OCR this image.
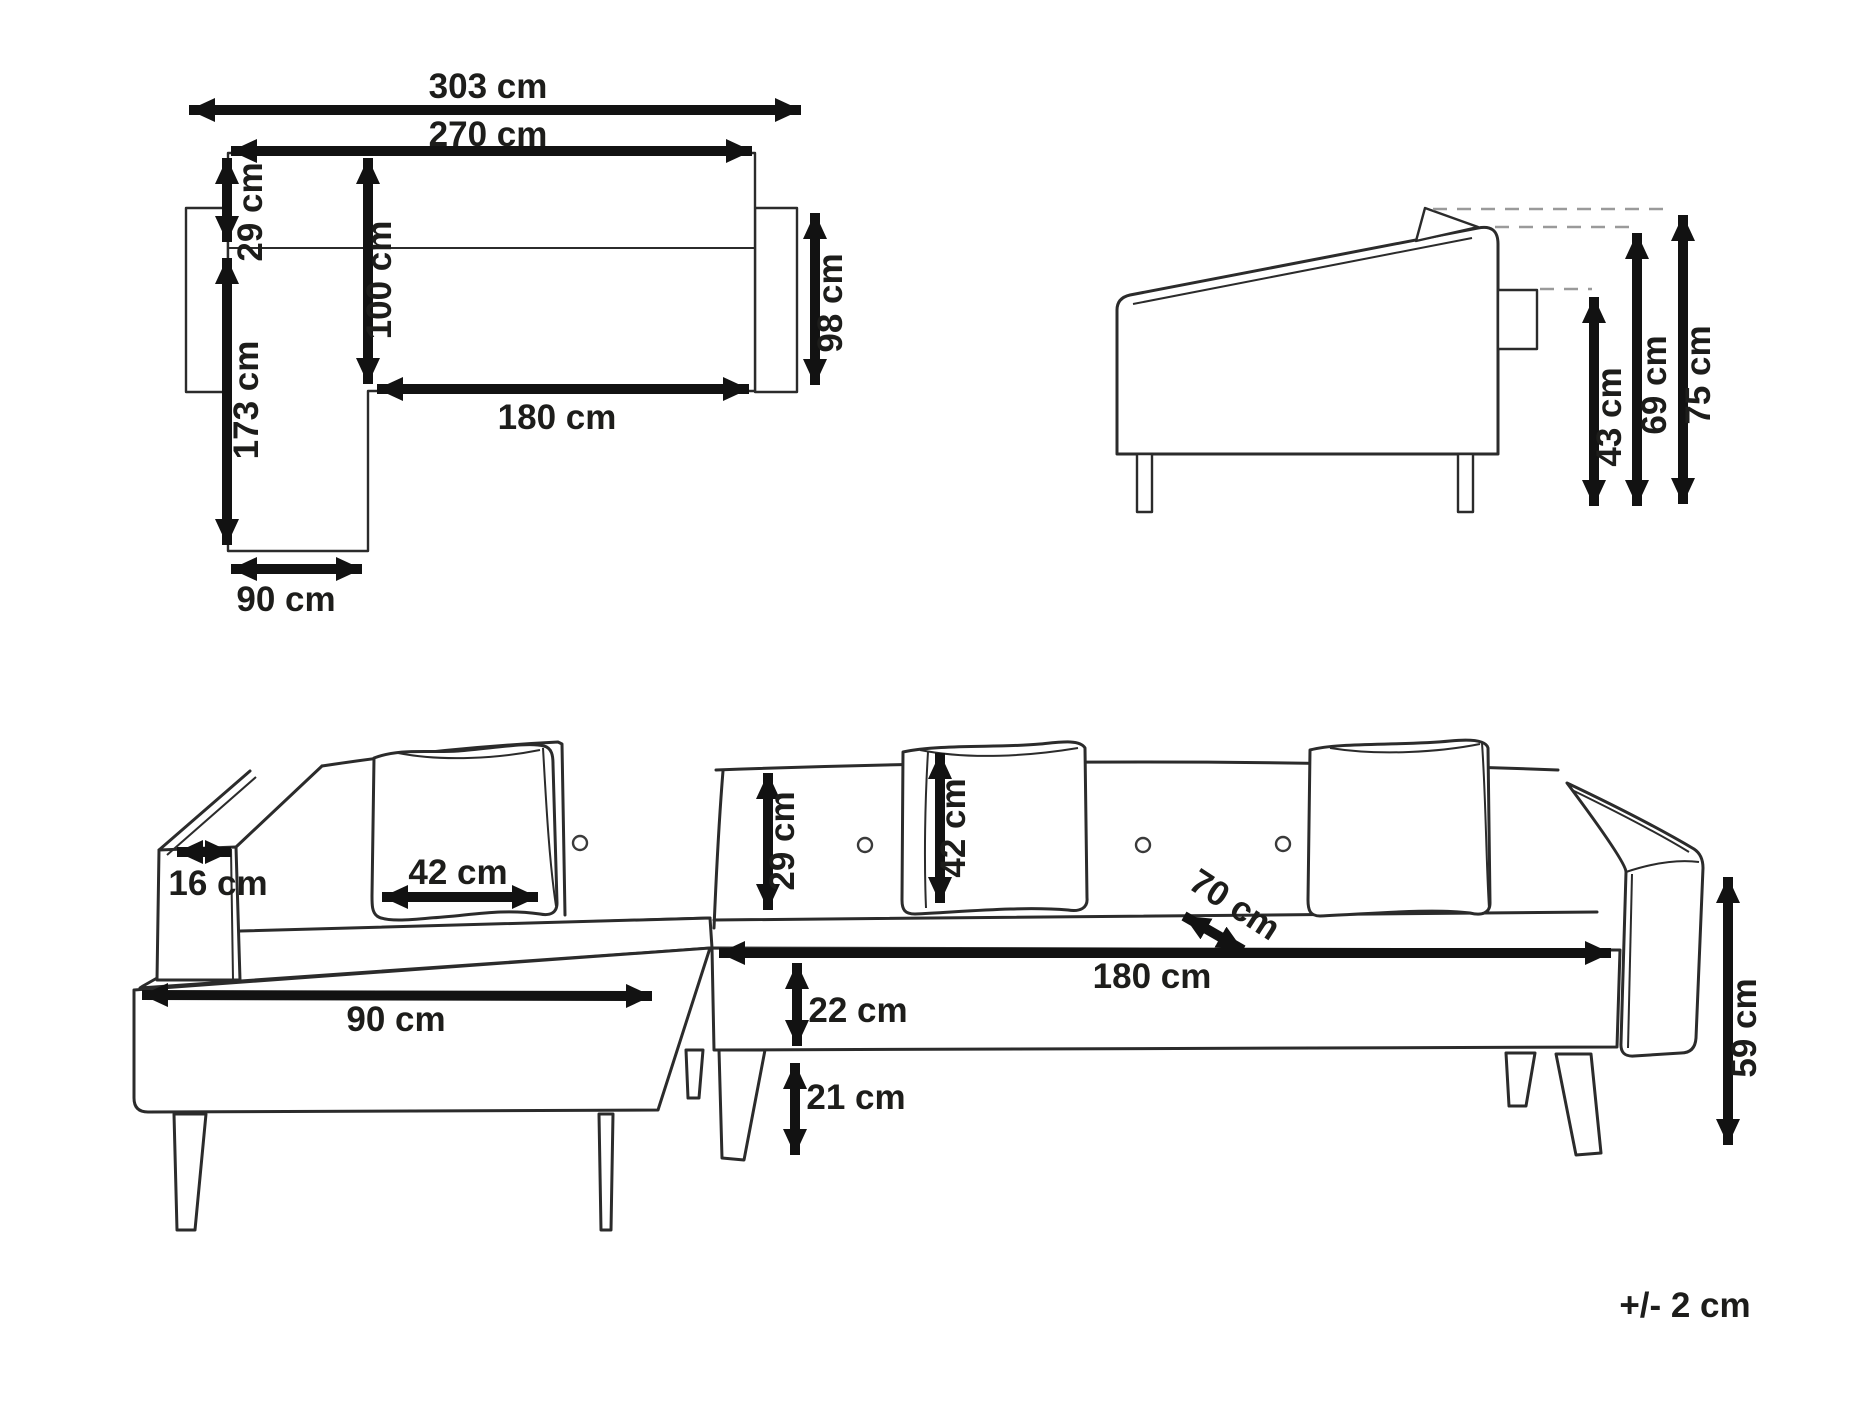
303 cm
270 cm
29 cm
100 cm
173 cm
98 cm
180 cm
90 cm
43 cm 69 cm 75 cm
16 cm	42 cm
90 cm
29 cm	42 cm
70 cm
180 cm
22 cm
21 cm
59 cm
+/- 2 cm
